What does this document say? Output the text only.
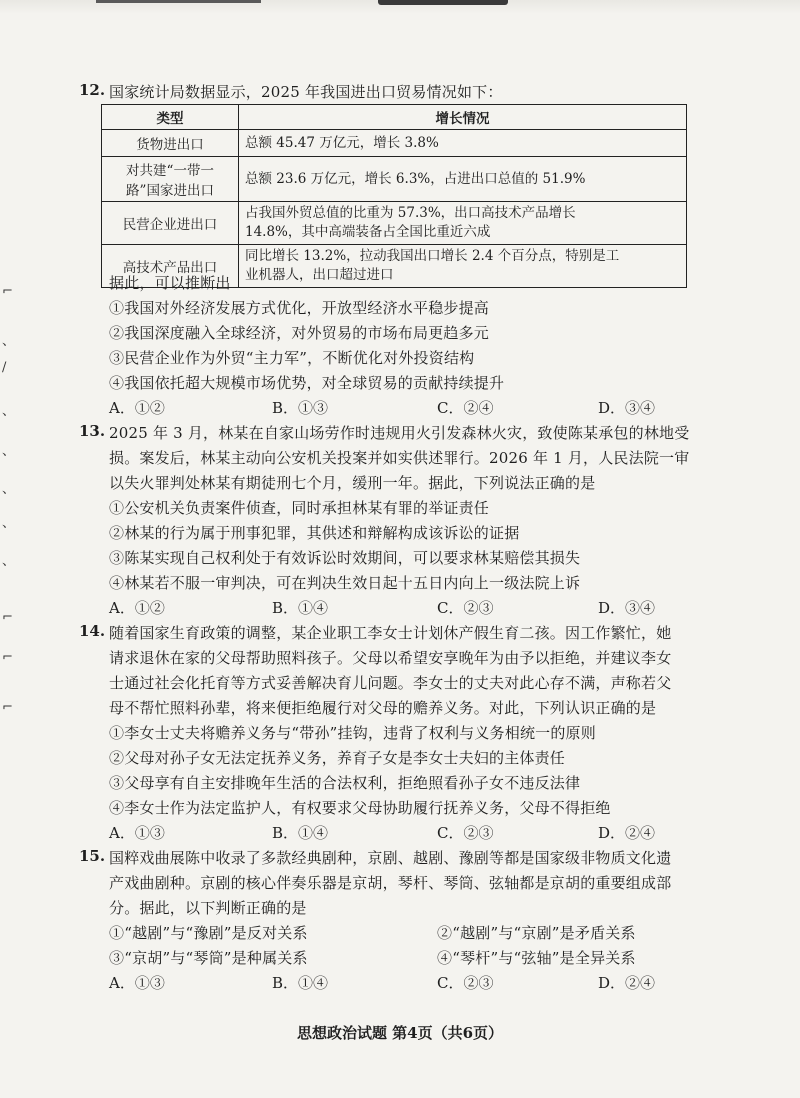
⌐
、
/
、
、
、
、
、
⌐
⌐
⌐
12. 国家统计局数据显示，2025 年我国进出口贸易情况如下：
类型	增长情况
货物进出口	总额 45.47 万亿元，增长 3.8%

对共建“一带一
路”国家进出口	总额 23.6 万亿元，增长 6.3%，占进出口总值的 51.9%
民营企业进出口	占我国外贸总值的比重为 57.3%，出口高技术产品增长
14.8%，其中高端装备占全国比重近六成

高技术产品出口	同比增长 13.2%，拉动我国出口增长 2.4 个百分点，特别是工
业机器人，出口超过进口
据此，可以推断出
①我国对外经济发展方式优化，开放型经济水平稳步提高
②我国深度融入全球经济，对外贸易的市场布局更趋多元
③民营企业作为外贸“主力军”，不断优化对外投资结构
④我国依托超大规模市场优势，对全球贸易的贡献持续提升
A．①②	B．①③	C．②④	D．③④
13. 2025 年 3 月，林某在自家山场劳作时违规用火引发森林火灾，致使陈某承包的林地受
损。案发后，林某主动向公安机关投案并如实供述罪行。2026 年 1 月，人民法院一审
以失火罪判处林某有期徒刑七个月，缓刑一年。据此，下列说法正确的是
①公安机关负责案件侦查，同时承担林某有罪的举证责任
②林某的行为属于刑事犯罪，其供述和辩解构成该诉讼的证据
③陈某实现自己权利处于有效诉讼时效期间，可以要求林某赔偿其损失
④林某若不服一审判决，可在判决生效日起十五日内向上一级法院上诉
A．①②	B．①④	C．②③	D．③④
14. 随着国家生育政策的调整，某企业职工李女士计划休产假生育二孩。因工作繁忙，她
请求退休在家的父母帮助照料孩子。父母以希望安享晚年为由予以拒绝，并建议李女
士通过社会化托育等方式妥善解决育儿问题。李女士的丈夫对此心存不满，声称若父
母不帮忙照料孙辈，将来便拒绝履行对父母的赡养义务。对此，下列认识正确的是
①李女士丈夫将赡养义务与“带孙”挂钩，违背了权利与义务相统一的原则
②父母对孙子女无法定抚养义务，养育子女是李女士夫妇的主体责任
③父母享有自主安排晚年生活的合法权利，拒绝照看孙子女不违反法律
④李女士作为法定监护人，有权要求父母协助履行抚养义务，父母不得拒绝
A．①③	B．①④	C．②③	D．②④
15. 国粹戏曲展陈中收录了多款经典剧种，京剧、越剧、豫剧等都是国家级非物质文化遗
产戏曲剧种。京剧的核心伴奏乐器是京胡，琴杆、琴筒、弦轴都是京胡的重要组成部
分。据此，以下判断正确的是
①“越剧”与“豫剧”是反对关系	②“越剧”与“京剧”是矛盾关系
③“京胡”与“琴筒”是种属关系	④“琴杆”与“弦轴”是全异关系
A．①③	B．①④	C．②③	D．②④
思想政治试题 第4页（共6页）
